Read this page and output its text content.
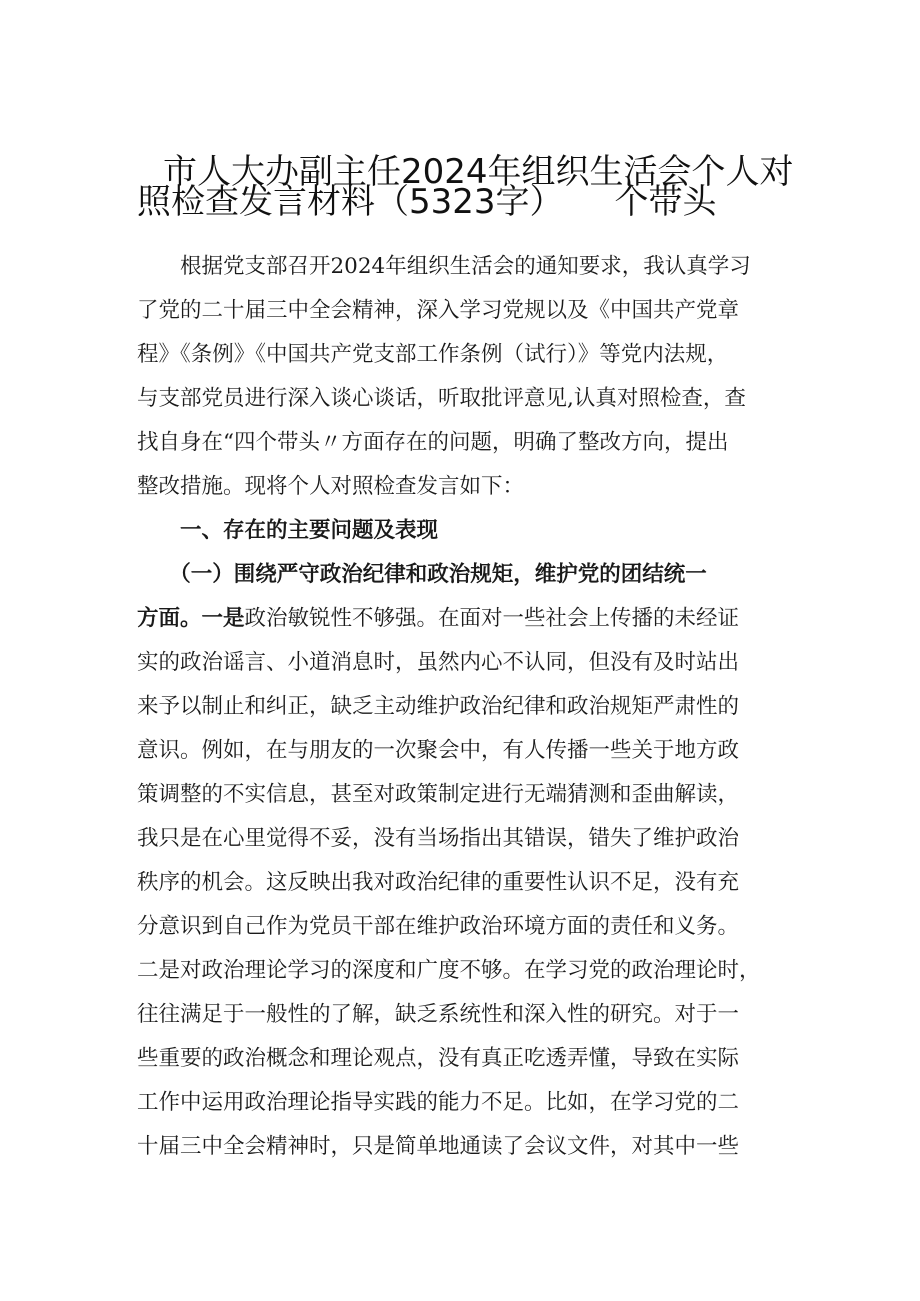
市人大办副主任2024年组织生活会个人对
照检查发言材料（5323字）　　个带头
　　根据党支部召开2024年组织生活会的通知要求，我认真学习
了党的二十届三中全会精神，深入学习党规以及《中国共产党章
程》《条例》《中国共产党支部工作条例（试行）》等党内法规，
与支部党员进行深入谈心谈话，听取批评意见,认真对照检查，查
找自身在“四个带头〃方面存在的问题，明确了整改方向，提出
整改措施。现将个人对照检查发言如下：
　　一、存在的主要问题及表现
　　（一）围绕严守政治纪律和政治规矩，维护党的团结统一
方面。一是政治敏锐性不够强。在面对一些社会上传播的未经证
实的政治谣言、小道消息时，虽然内心不认同，但没有及时站出
来予以制止和纠正，缺乏主动维护政治纪律和政治规矩严肃性的
意识。例如，在与朋友的一次聚会中，有人传播一些关于地方政
策调整的不实信息，甚至对政策制定进行无端猜测和歪曲解读，
我只是在心里觉得不妥，没有当场指出其错误，错失了维护政治
秩序的机会。这反映出我对政治纪律的重要性认识不足，没有充
分意识到自己作为党员干部在维护政治环境方面的责任和义务。
二是对政治理论学习的深度和广度不够。在学习党的政治理论时，
往往满足于一般性的了解，缺乏系统性和深入性的研究。对于一
些重要的政治概念和理论观点，没有真正吃透弄懂，导致在实际
工作中运用政治理论指导实践的能力不足。比如，在学习党的二
十届三中全会精神时，只是简单地通读了会议文件，对其中一些
